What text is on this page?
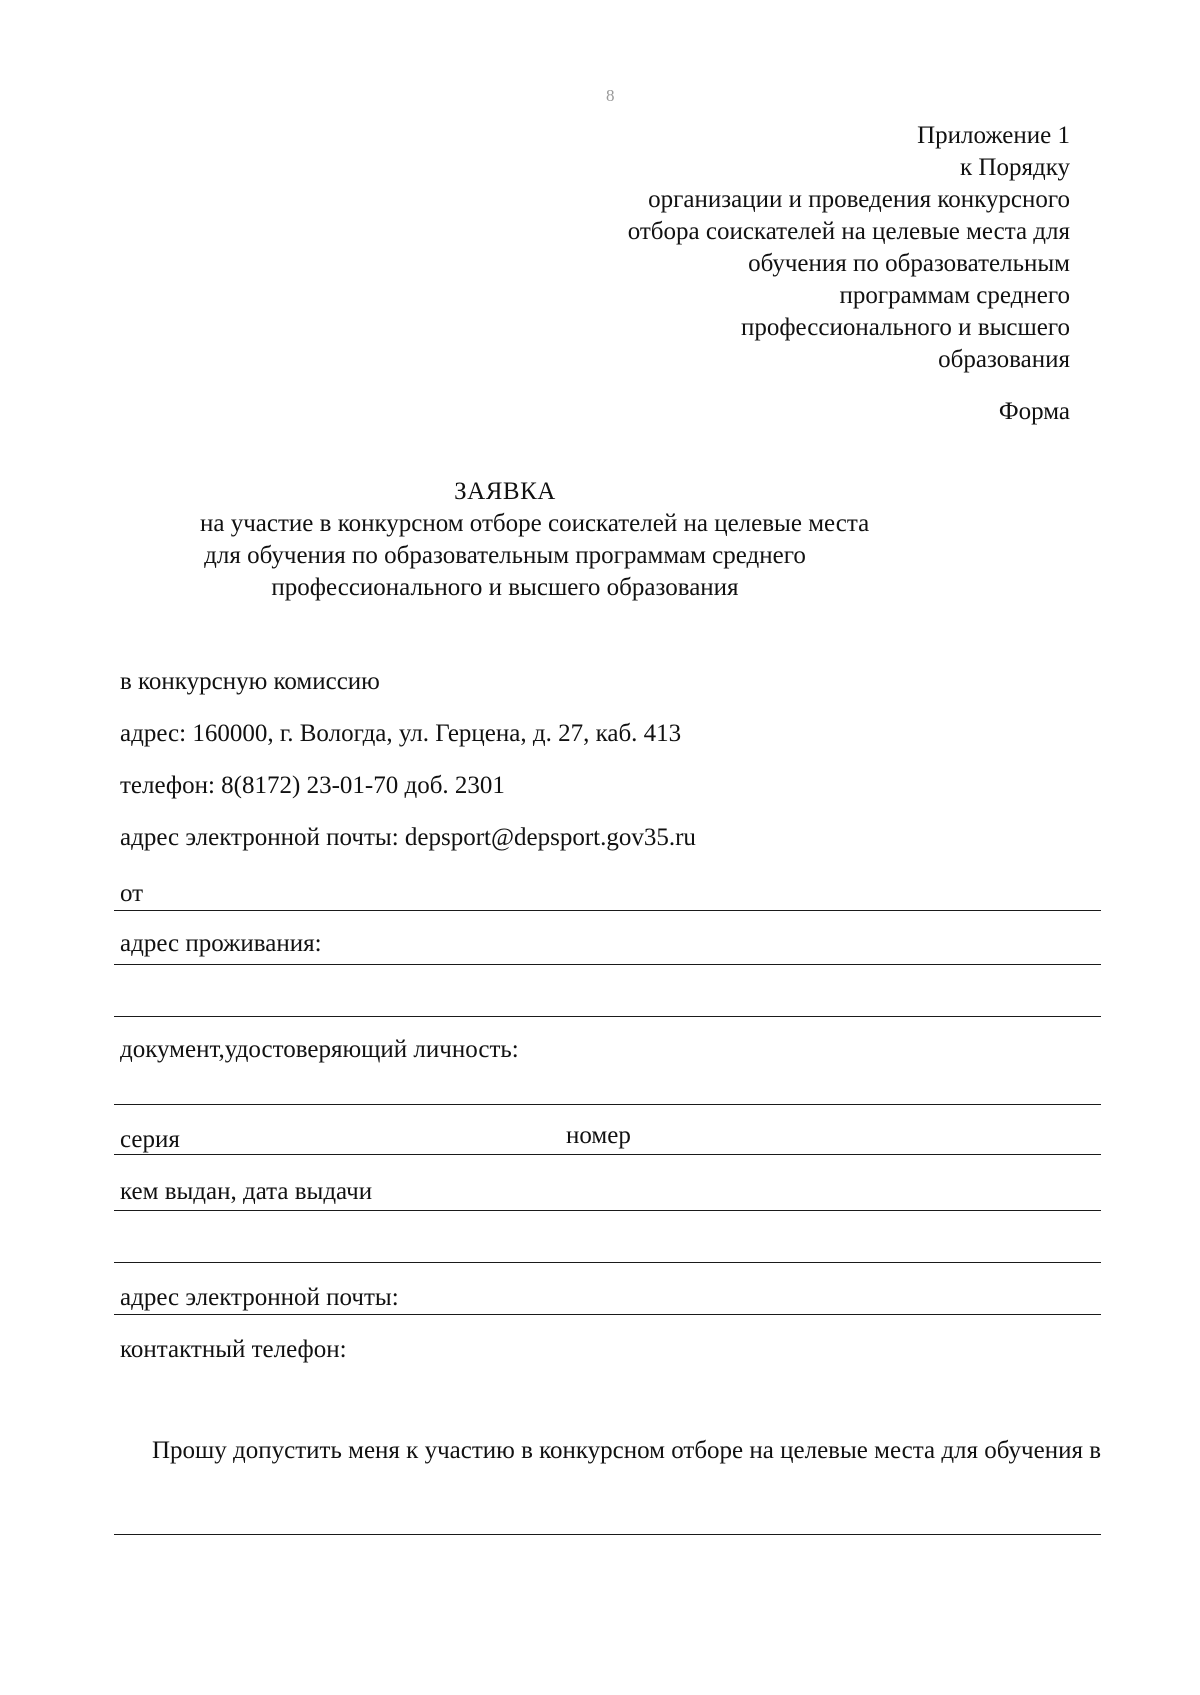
8
Приложение 1
к Порядку
организации и проведения конкурсного
отбора соискателей на целевые места для
обучения по образовательным
программам среднего
профессионального и высшего
образования
Форма
ЗАЯВКА
на участие в конкурсном отборе соискателей на целевые места
для обучения по образовательным программам среднего
профессионального и высшего образования
в конкурсную комиссию
адрес: 160000, г. Вологда, ул. Герцена, д. 27, каб. 413
телефон: 8(8172) 23-01-70 доб. 2301
адрес электронной почты: depsport@depsport.gov35.ru
от
адрес проживания:
документ,удостоверяющий личность:
серия	номер
кем выдан, дата выдачи
адрес электронной почты:
контактный телефон:
Прошу допустить меня к участию в конкурсном отборе на целевые места для обучения в
